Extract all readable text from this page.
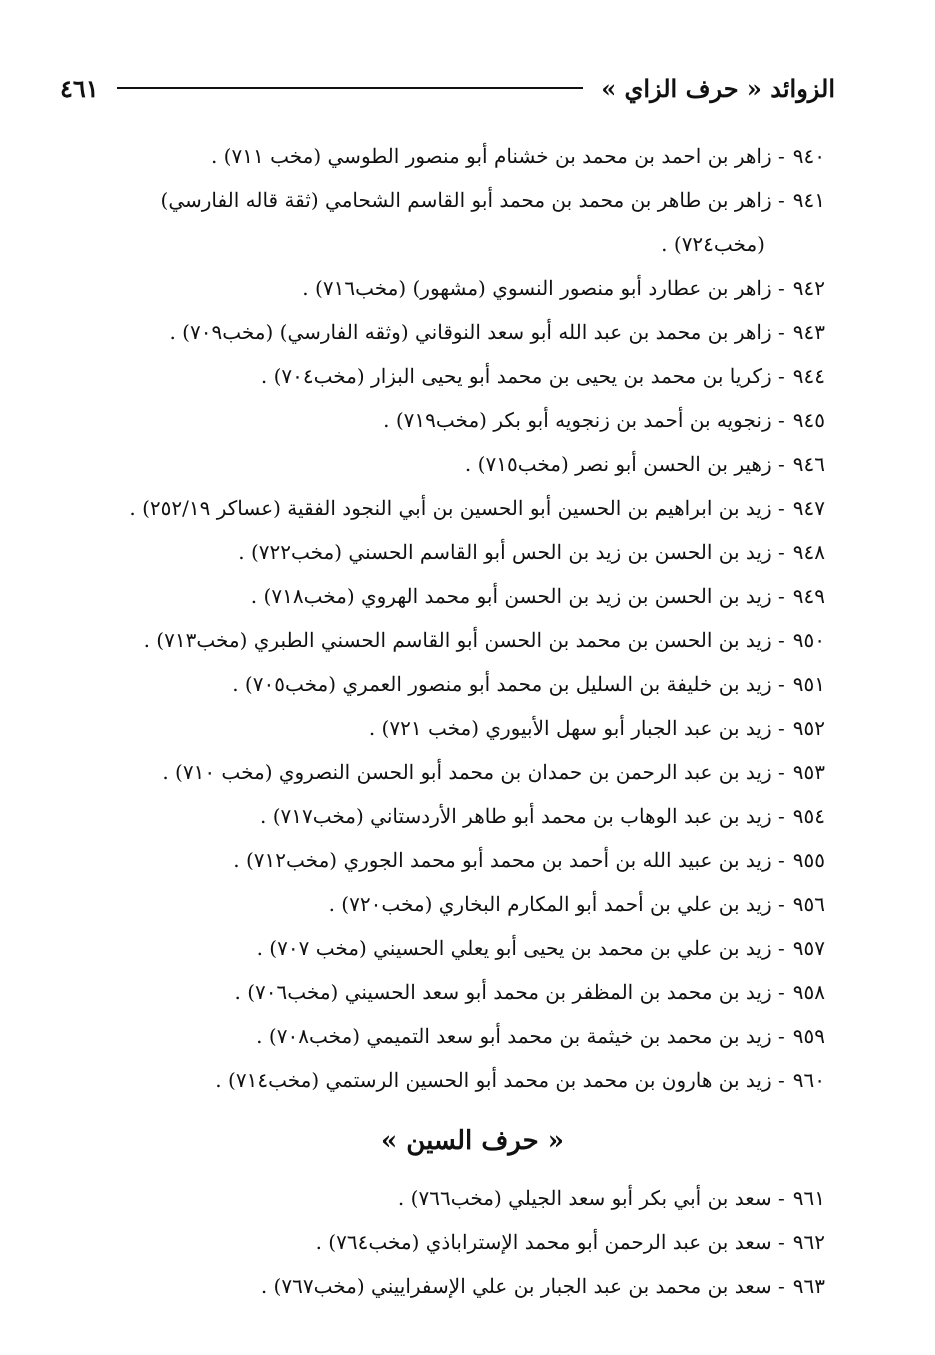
الزوائد « حرف الزاي »
٤٦١
٩٤٠- زاهر بن احمد بن محمد بن خشنام أبو منصور الطوسي (مخب ٧١١) .
٩٤١- زاهر بن طاهر بن محمد بن محمد أبو القاسم الشحامي (ثقة قاله الفارسي)
(مخب٧٢٤) .
٩٤٢- زاهر بن عطارد أبو منصور النسوي (مشهور) (مخب٧١٦) .
٩٤٣- زاهر بن محمد بن عبد الله أبو سعد النوقاني (وثقه الفارسي) (مخب٧٠٩) .
٩٤٤- زكريا بن محمد بن يحيى بن محمد أبو يحيى البزار (مخب٧٠٤) .
٩٤٥- زنجويه بن أحمد بن زنجويه أبو بكر (مخب٧١٩) .
٩٤٦- زهير بن الحسن أبو نصر (مخب٧١٥) .
٩٤٧- زيد بن ابراهيم بن الحسين أبو الحسين بن أبي النجود الفقية (عساكر ٢٥٢/١٩) .
٩٤٨- زيد بن الحسن بن زيد بن الحس أبو القاسم الحسني (مخب٧٢٢) .
٩٤٩- زيد بن الحسن بن زيد بن الحسن أبو محمد الهروي (مخب٧١٨) .
٩٥٠- زيد بن الحسن بن محمد بن الحسن أبو القاسم الحسني الطبري (مخب٧١٣) .
٩٥١- زيد بن خليفة بن السليل بن محمد أبو منصور العمري (مخب٧٠٥) .
٩٥٢- زيد بن عبد الجبار أبو سهل الأبيوري (مخب ٧٢١) .
٩٥٣- زيد بن عبد الرحمن بن حمدان بن محمد أبو الحسن النصروي (مخب ٧١٠) .
٩٥٤- زيد بن عبد الوهاب بن محمد أبو طاهر الأردستاني (مخب٧١٧) .
٩٥٥- زيد بن عبيد الله بن أحمد بن محمد أبو محمد الجوري (مخب٧١٢) .
٩٥٦- زيد بن علي بن أحمد أبو المكارم البخاري (مخب٧٢٠) .
٩٥٧- زيد بن علي بن محمد بن يحيى أبو يعلي الحسيني (مخب ٧٠٧) .
٩٥٨- زيد بن محمد بن المظفر بن محمد أبو سعد الحسيني (مخب٧٠٦) .
٩٥٩- زيد بن محمد بن خيثمة بن محمد أبو سعد التميمي (مخب٧٠٨) .
٩٦٠- زيد بن هارون بن محمد بن محمد أبو الحسين الرستمي (مخب٧١٤) .
« حرف السين »
٩٦١- سعد بن أبي بكر أبو سعد الجيلي (مخب٧٦٦) .
٩٦٢- سعد بن عبد الرحمن أبو محمد الإستراباذي (مخب٧٦٤) .
٩٦٣- سعد بن محمد بن عبد الجبار بن علي الإسفراييني (مخب٧٦٧) .
